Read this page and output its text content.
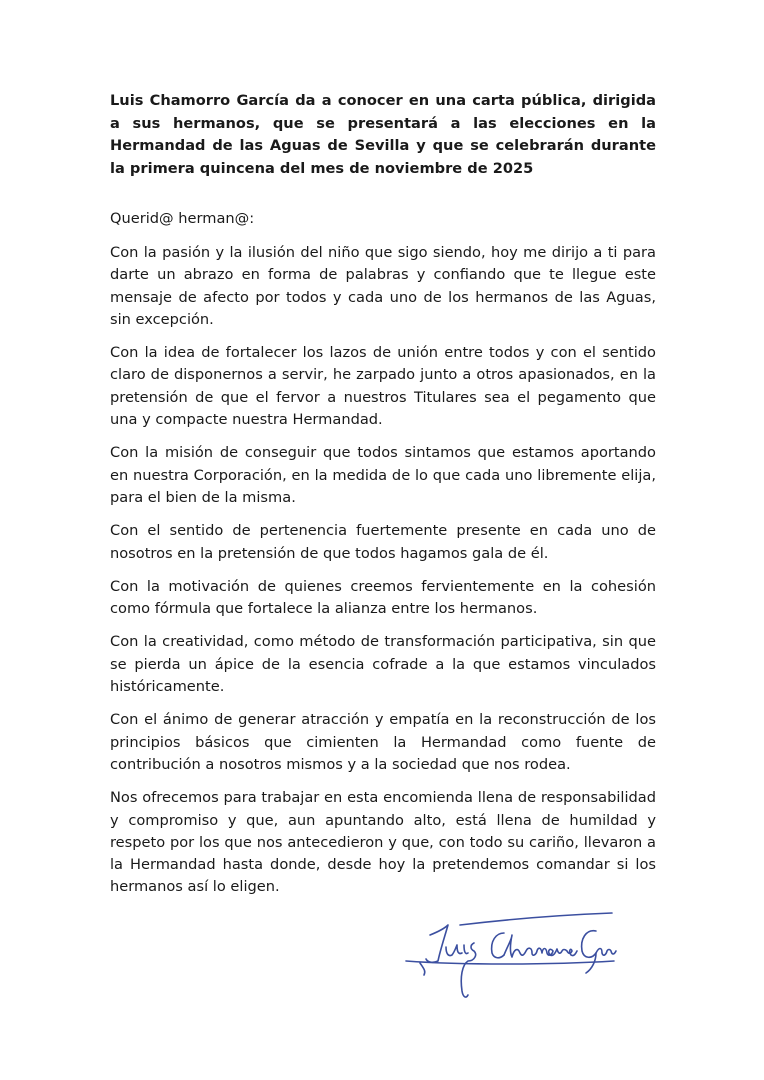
Luis Chamorro García da a conocer en una carta pública, dirigida a sus hermanos, que se presentará a las elecciones en la Hermandad de las Aguas de Sevilla y que se celebrarán durante la primera quincena del mes de noviembre de 2025

Querid@ herman@:

Con la pasión y la ilusión del niño que sigo siendo, hoy me dirijo a ti para darte un abrazo en forma de palabras y confiando que te llegue este mensaje de afecto por todos y cada uno de los hermanos de las Aguas, sin excepción.

Con la idea de fortalecer los lazos de unión entre todos y con el sentido claro de disponernos a servir, he zarpado junto a otros apasionados, en la pretensión de que el fervor a nuestros Titulares sea el pegamento que una y compacte nuestra Hermandad.

Con la misión de conseguir que todos sintamos que estamos aportando en nuestra Corporación, en la medida de lo que cada uno libremente elija, para el bien de la misma.

Con el sentido de pertenencia fuertemente presente en cada uno de nosotros en la pretensión de que todos hagamos gala de él.

Con la motivación de quienes creemos fervientemente en la cohesión como fórmula que fortalece la alianza entre los hermanos.

Con la creatividad, como método de transformación participativa, sin que se pierda un ápice de la esencia cofrade a la que estamos vinculados históricamente.

Con el ánimo de generar atracción y empatía en la reconstrucción de los principios básicos que cimienten la Hermandad como fuente de contribución a nosotros mismos y a la sociedad que nos rodea.

Nos ofrecemos para trabajar en esta encomienda llena de responsabilidad y compromiso y que, aun apuntando alto, está llena de humildad y respeto por los que nos antecedieron y que, con todo su cariño, llevaron a la Hermandad hasta donde, desde hoy la pretendemos comandar si los hermanos así lo eligen.
